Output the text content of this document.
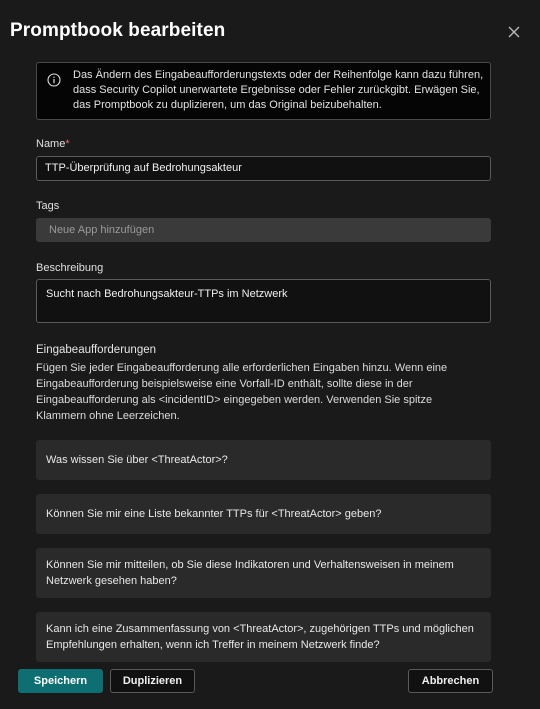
Promptbook bearbeiten
Das Ändern des Eingabeaufforderungstexts oder der Reihenfolge kann dazu führen, dass Security Copilot unerwartete Ergebnisse oder Fehler zurückgibt. Erwägen Sie, das Promptbook zu duplizieren, um das Original beizubehalten.
Name*
TTP-Überprüfung auf Bedrohungsakteur
Tags
Neue App hinzufügen
Beschreibung
Sucht nach Bedrohungsakteur-TTPs im Netzwerk
Eingabeaufforderungen
Fügen Sie jeder Eingabeaufforderung alle erforderlichen Eingaben hinzu. Wenn eine Eingabeaufforderung beispielsweise eine Vorfall-ID enthält, sollte diese in der Eingabeaufforderung als <incidentID> eingegeben werden. Verwenden Sie spitze Klammern ohne Leerzeichen.
Was wissen Sie über <ThreatActor>?
Können Sie mir eine Liste bekannter TTPs für <ThreatActor> geben?
Können Sie mir mitteilen, ob Sie diese Indikatoren und Verhaltensweisen in meinem Netzwerk gesehen haben?
Kann ich eine Zusammenfassung von <ThreatActor>, zugehörigen TTPs und möglichen Empfehlungen erhalten, wenn ich Treffer in meinem Netzwerk finde?
Speichern	Duplizieren	Abbrechen
